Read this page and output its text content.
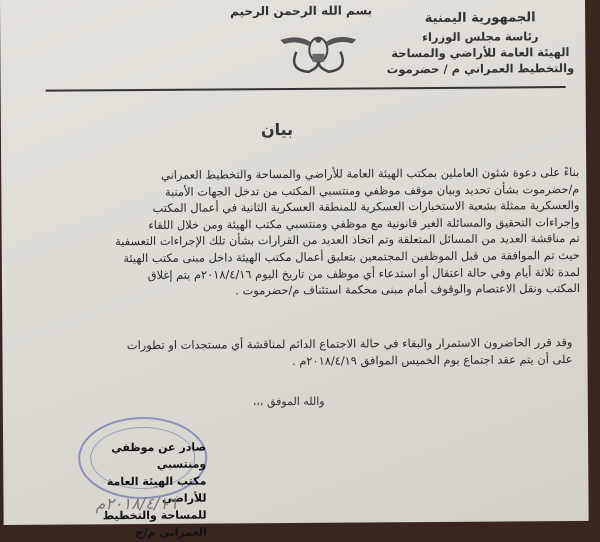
بسم الله الرحمن الرحيم	الجمهورية اليمنية
رئاسة مجلس الوزراء
الهيئة العامة للأراضي والمساحة
والتخطيط العمراني م / حضرموت
بيان

بناءً على دعوة شئون العاملين بمكتب الهيئة العامة للأراضي والمساحة والتخطيط العمراني

م/حضرموت بشأن تحديد وبيان موقف موظفي ومنتسبي المكتب من تدخل الجهات الأمنية

والعسكرية ممثلة بشعبة الاستخبارات العسكرية للمنطقة العسكرية الثانية في أعمال المكتب

وإجراءات التحقيق والمسائلة الغير قانونية مع موظفي ومنتسبي مكتب الهيئة ومن خلال اللقاء

تم مناقشة العديد من المسائل المتعلقة وتم اتخاذ العديد من القرارات بشأن تلك الإجراءات التعسفية

حيث تم الموافقة من قبل الموظفين المجتمعين بتعليق أعمال مكتب الهيئة داخل مبنى مكتب الهيئة

لمدة ثلاثة أيام وفي حالة اعتقال أو استدعاء أي موظف من تاريخ اليوم ٢٠١٨/٤/١٦م يتم إغلاق

المكتب ونقل الاعتصام والوقوف أمام مبنى محكمة استئناف م/حضرموت .

وقد قرر الحاضرون الاستمرار والبقاء في حالة الاجتماع الدائم لمناقشة أي مستجدات او تطورات

على أن يتم عقد اجتماع يوم الخميس الموافق ٢٠١٨/٤/١٩م .

والله الموفق ،،،
صادر عن موظفي ومنتسبي
مكتب الهيئة العامة للأراضي
للمساحة والتخطيط العمراني م/ح
٢٠١٨/٤/١٦م
